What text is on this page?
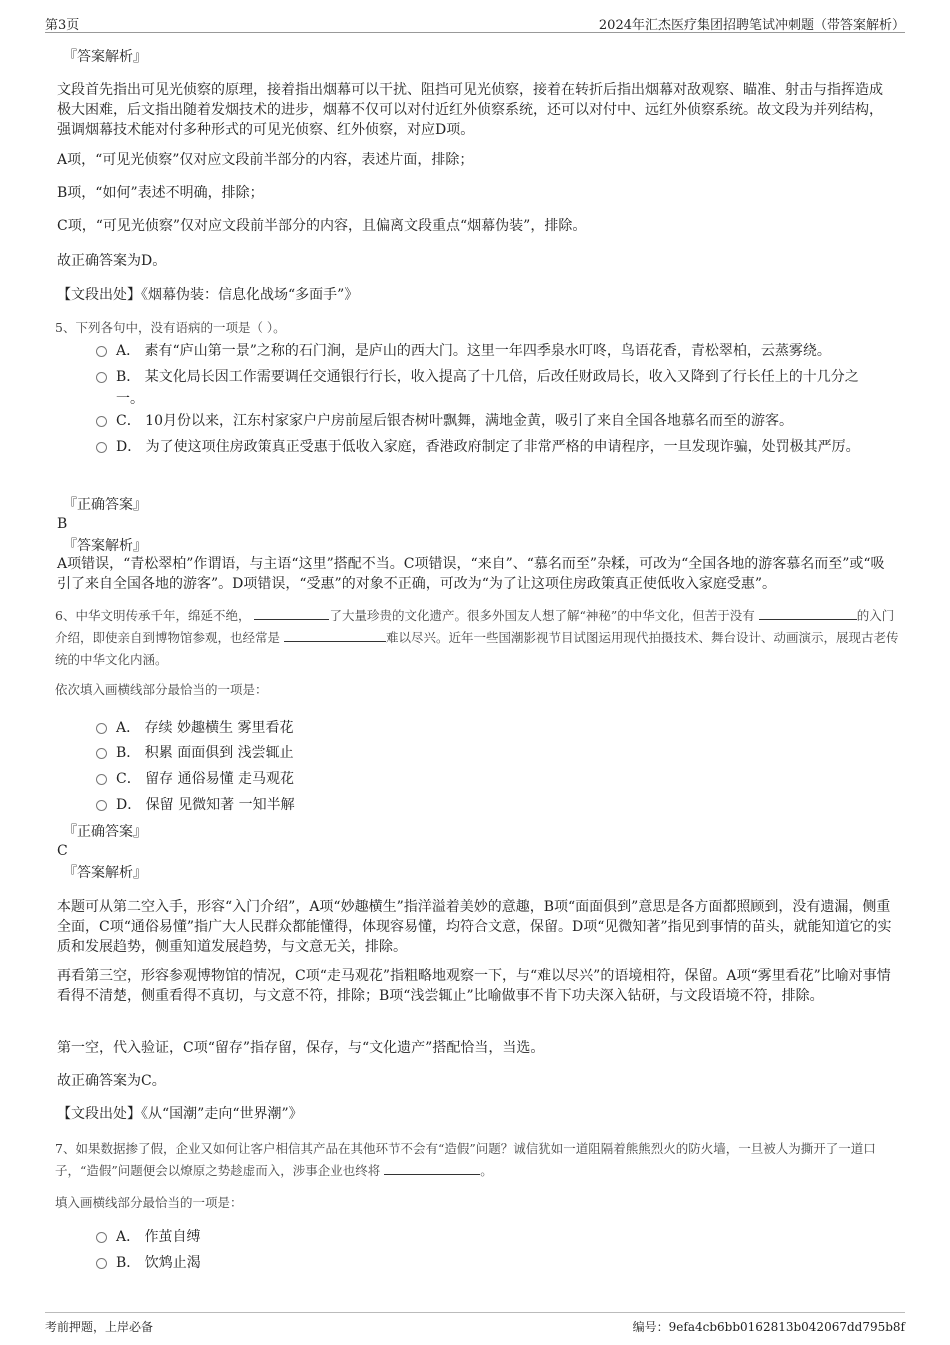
第3页	2024年汇杰医疗集团招聘笔试冲刺题（带答案解析）
『答案解析』

文段首先指出可见光侦察的原理，接着指出烟幕可以干扰、阻挡可见光侦察，接着在转折后指出烟幕对敌观察、瞄准、射击与指挥造成极大困难，后文指出随着发烟技术的进步，烟幕不仅可以对付近红外侦察系统，还可以对付中、远红外侦察系统。故文段为并列结构，强调烟幕技术能对付多种形式的可见光侦察、红外侦察，对应D项。

A项，“可见光侦察”仅对应文段前半部分的内容，表述片面，排除；

B项，“如何”表述不明确，排除；

C项，“可见光侦察”仅对应文段前半部分的内容，且偏离文段重点“烟幕伪装”，排除。

故正确答案为D。

【文段出处】《烟幕伪装：信息化战场“多面手”》

5、下列各句中，没有语病的一项是（ ）。

A． 素有“庐山第一景”之称的石门涧，是庐山的西大门。这里一年四季泉水叮咚，鸟语花香，青松翠柏，云蒸雾绕。
B． 某文化局长因工作需要调任交通银行行长，收入提高了十几倍，后改任财政局长，收入又降到了行长任上的十几分之一。
C． 10月份以来，江东村家家户户房前屋后银杏树叶飘舞，满地金黄，吸引了来自全国各地慕名而至的游客。
D． 为了使这项住房政策真正受惠于低收入家庭，香港政府制定了非常严格的申请程序，一旦发现诈骗，处罚极其严厉。
『正确答案』
B
『答案解析』

A项错误，“青松翠柏”作谓语，与主语“这里”搭配不当。C项错误，“来自”、“慕名而至”杂糅，可改为“全国各地的游客慕名而至”或“吸引了来自全国各地的游客”。D项错误，“受惠”的对象不正确，可改为“为了让这项住房政策真正使低收入家庭受惠”。

6、中华文明传承千年，绵延不绝，	了大量珍贵的文化遗产。很多外国友人想了解“神秘”的中华文化，但苦于没有	的入门介绍，即使亲自到博物馆参观，也经常是	难以尽兴。近年一些国潮影视节目试图运用现代拍摄技术、舞台设计、动画演示，展现古老传统的中华文化内涵。

依次填入画横线部分最恰当的一项是：

A． 存续 妙趣横生 雾里看花
B． 积累 面面俱到 浅尝辄止
C． 留存 通俗易懂 走马观花
D． 保留 见微知著 一知半解
『正确答案』
C
『答案解析』

本题可从第二空入手，形容“入门介绍”，A项“妙趣横生”指洋溢着美妙的意趣，B项“面面俱到”意思是各方面都照顾到，没有遗漏，侧重全面，C项“通俗易懂”指广大人民群众都能懂得，体现容易懂，均符合文意，保留。D项“见微知著”指见到事情的苗头，就能知道它的实质和发展趋势，侧重知道发展趋势，与文意无关，排除。

再看第三空，形容参观博物馆的情况，C项“走马观花”指粗略地观察一下，与“难以尽兴”的语境相符，保留。A项“雾里看花”比喻对事情看得不清楚，侧重看得不真切，与文意不符，排除；B项“浅尝辄止”比喻做事不肯下功夫深入钻研，与文段语境不符，排除。

第一空，代入验证，C项“留存”指存留，保存，与“文化遗产”搭配恰当，当选。

故正确答案为C。

【文段出处】《从“国潮”走向“世界潮”》

7、如果数据掺了假，企业又如何让客户相信其产品在其他环节不会有“造假”问题？诚信犹如一道阻隔着熊熊烈火的防火墙，一旦被人为撕开了一道口子，“造假”问题便会以燎原之势趁虚而入，涉事企业也终将	。

填入画横线部分最恰当的一项是：

A． 作茧自缚
B． 饮鸩止渴
考前押题，上岸必备	编号：9efa4cb6bb0162813b042067dd795b8f
